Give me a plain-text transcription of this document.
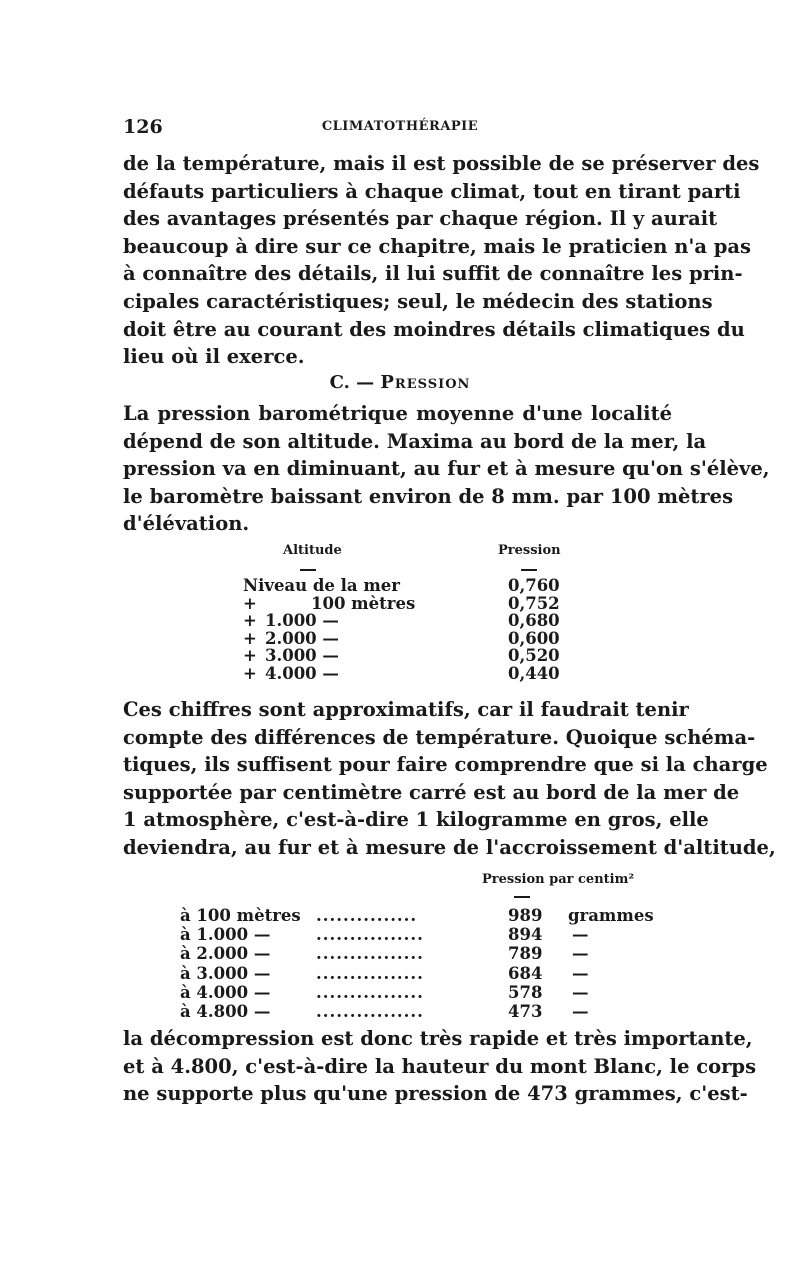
126	CLIMATOTHÉRAPIE
de la température, mais il est possible de se préserver des
défauts particuliers à chaque climat, tout en tirant parti
des avantages présentés par chaque région. Il y aurait
beaucoup à dire sur ce chapitre, mais le praticien n'a pas
à connaître des détails, il lui suffit de connaître les prin-
cipales caractéristiques; seul, le médecin des stations
doit être au courant des moindres détails climatiques du
lieu où il exerce.
C. — Pression
La pression barométrique moyenne d'une localité
dépend de son altitude. Maxima au bord de la mer, la
pression va en diminuant, au fur et à mesure qu'on s'élève,
le baromètre baissant environ de 8 mm. par 100 mètres
d'élévation.
Altitude	Pression
Niveau de la mer	0,760
+	100 mètres	0,752
+ 1.000 —	0,680
+ 2.000 —	0,600
+ 3.000 —	0,520
+ 4.000 —	0,440
Ces chiffres sont approximatifs, car il faudrait tenir
compte des différences de température. Quoique schéma-
tiques, ils suffisent pour faire comprendre que si la charge
supportée par centimètre carré est au bord de la mer de
1 atmosphère, c'est-à-dire 1 kilogramme en gros, elle
deviendra, au fur et à mesure de l'accroissement d'altitude,
Pression par centim²
à 100 mètres ...............	989 grammes
à 1.000 —	................	894 —
à 2.000 —	................	789 —
à 3.000 —	................	684 —
à 4.000 —	................	578 —
à 4.800 —	................	473 —
la décompression est donc très rapide et très importante,
et à 4.800, c'est-à-dire la hauteur du mont Blanc, le corps
ne supporte plus qu'une pression de 473 grammes, c'est-
